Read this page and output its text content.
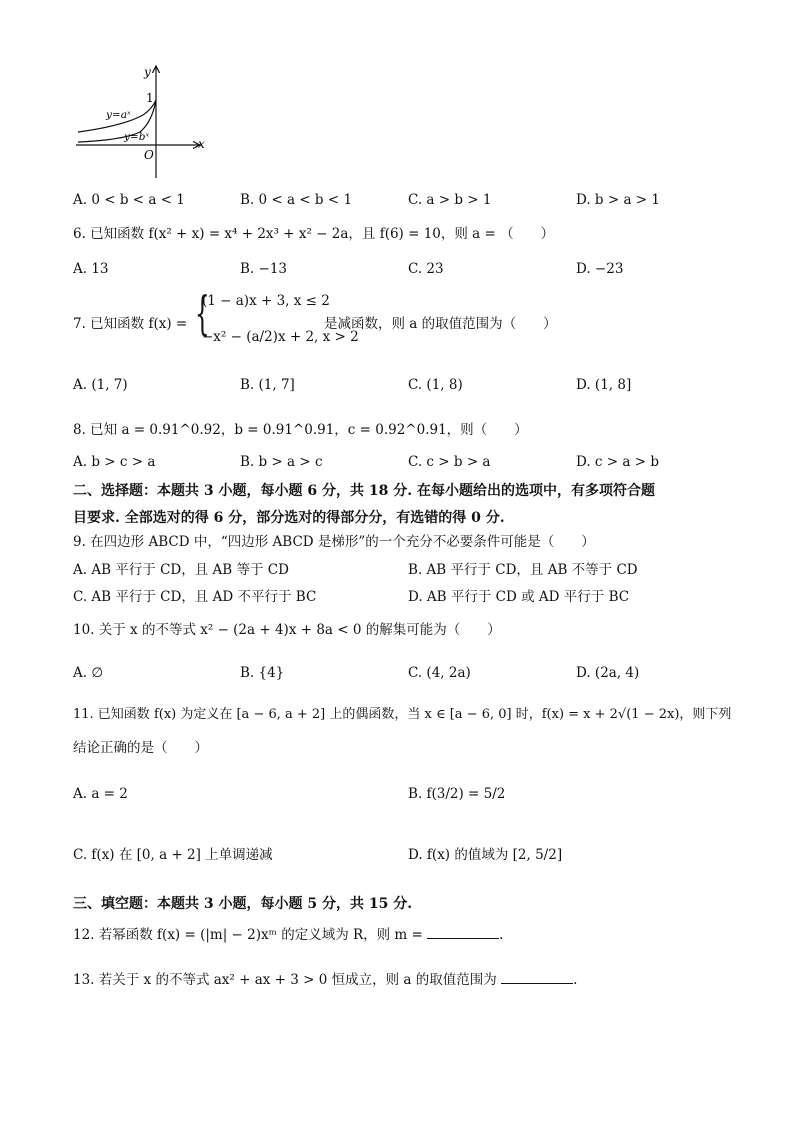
y
x
O
1
y=aˣ
y=bˣ
A. 0 < b < a < 1	B. 0 < a < b < 1	C. a > b > 1	D. b > a > 1
6. 已知函数 f(x² + x) = x⁴ + 2x³ + x² − 2a，且 f(6) = 10，则 a = （　　）
A. 13	B. −13	C. 23	D. −23
7. 已知函数 f(x) = {
(1 − a)x + 3, x ≤ 2
−x² − (a/2)x + 2, x > 2
是减函数，则 a 的取值范围为（　　）
A. (1, 7)	B. (1, 7]	C. (1, 8)	D. (1, 8]
8. 已知 a = 0.91^0.92，b = 0.91^0.91，c = 0.92^0.91，则（　　）
A. b > c > a	B. b > a > c	C. c > b > a	D. c > a > b
二、选择题：本题共 3 小题，每小题 6 分，共 18 分. 在每小题给出的选项中，有多项符合题
目要求. 全部选对的得 6 分，部分选对的得部分分，有选错的得 0 分.
9. 在四边形 ABCD 中，“四边形 ABCD 是梯形”的一个充分不必要条件可能是（　　）
A. AB 平行于 CD，且 AB 等于 CD	B. AB 平行于 CD，且 AB 不等于 CD
C. AB 平行于 CD，且 AD 不平行于 BC	D. AB 平行于 CD 或 AD 平行于 BC
10. 关于 x 的不等式 x² − (2a + 4)x + 8a < 0 的解集可能为（　　）
A. ∅	B. {4}	C. (4, 2a)	D. (2a, 4)
11. 已知函数 f(x) 为定义在 [a − 6, a + 2] 上的偶函数，当 x ∈ [a − 6, 0] 时，f(x) = x + 2√(1 − 2x)，则下列
结论正确的是（　　）
A. a = 2	B. f(3/2) = 5/2
C. f(x) 在 [0, a + 2] 上单调递减	D. f(x) 的值域为 [2, 5/2]
三、填空题：本题共 3 小题，每小题 5 分，共 15 分.
12. 若幂函数 f(x) = (|m| − 2)xᵐ 的定义域为 R，则 m =	.
13. 若关于 x 的不等式 ax² + ax + 3 > 0 恒成立，则 a 的取值范围为	.
